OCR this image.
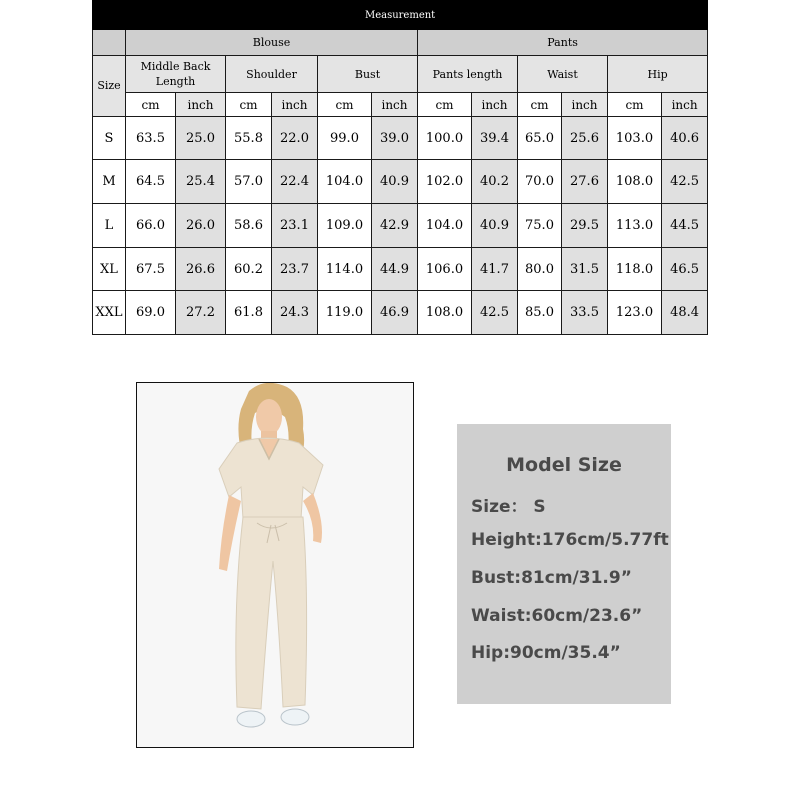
Measurement												
	Blouse						Pants					
Size	Middle Back Length		Shoulder		Bust		Pants length		Waist		Hip	
	cm	inch	cm	inch	cm	inch	cm	inch	cm	inch	cm	inch
S	63.5	25.0	55.8	22.0	99.0	39.0	100.0	39.4	65.0	25.6	103.0	40.6
M	64.5	25.4	57.0	22.4	104.0	40.9	102.0	40.2	70.0	27.6	108.0	42.5
L	66.0	26.0	58.6	23.1	109.0	42.9	104.0	40.9	75.0	29.5	113.0	44.5
XL	67.5	26.6	60.2	23.7	114.0	44.9	106.0	41.7	80.0	31.5	118.0	46.5
XXL	69.0	27.2	61.8	24.3	119.0	46.9	108.0	42.5	85.0	33.5	123.0	48.4
Model Size
Size： S
Height:176cm/5.77ft
Bust:81cm/31.9”
Waist:60cm/23.6”
Hip:90cm/35.4”
